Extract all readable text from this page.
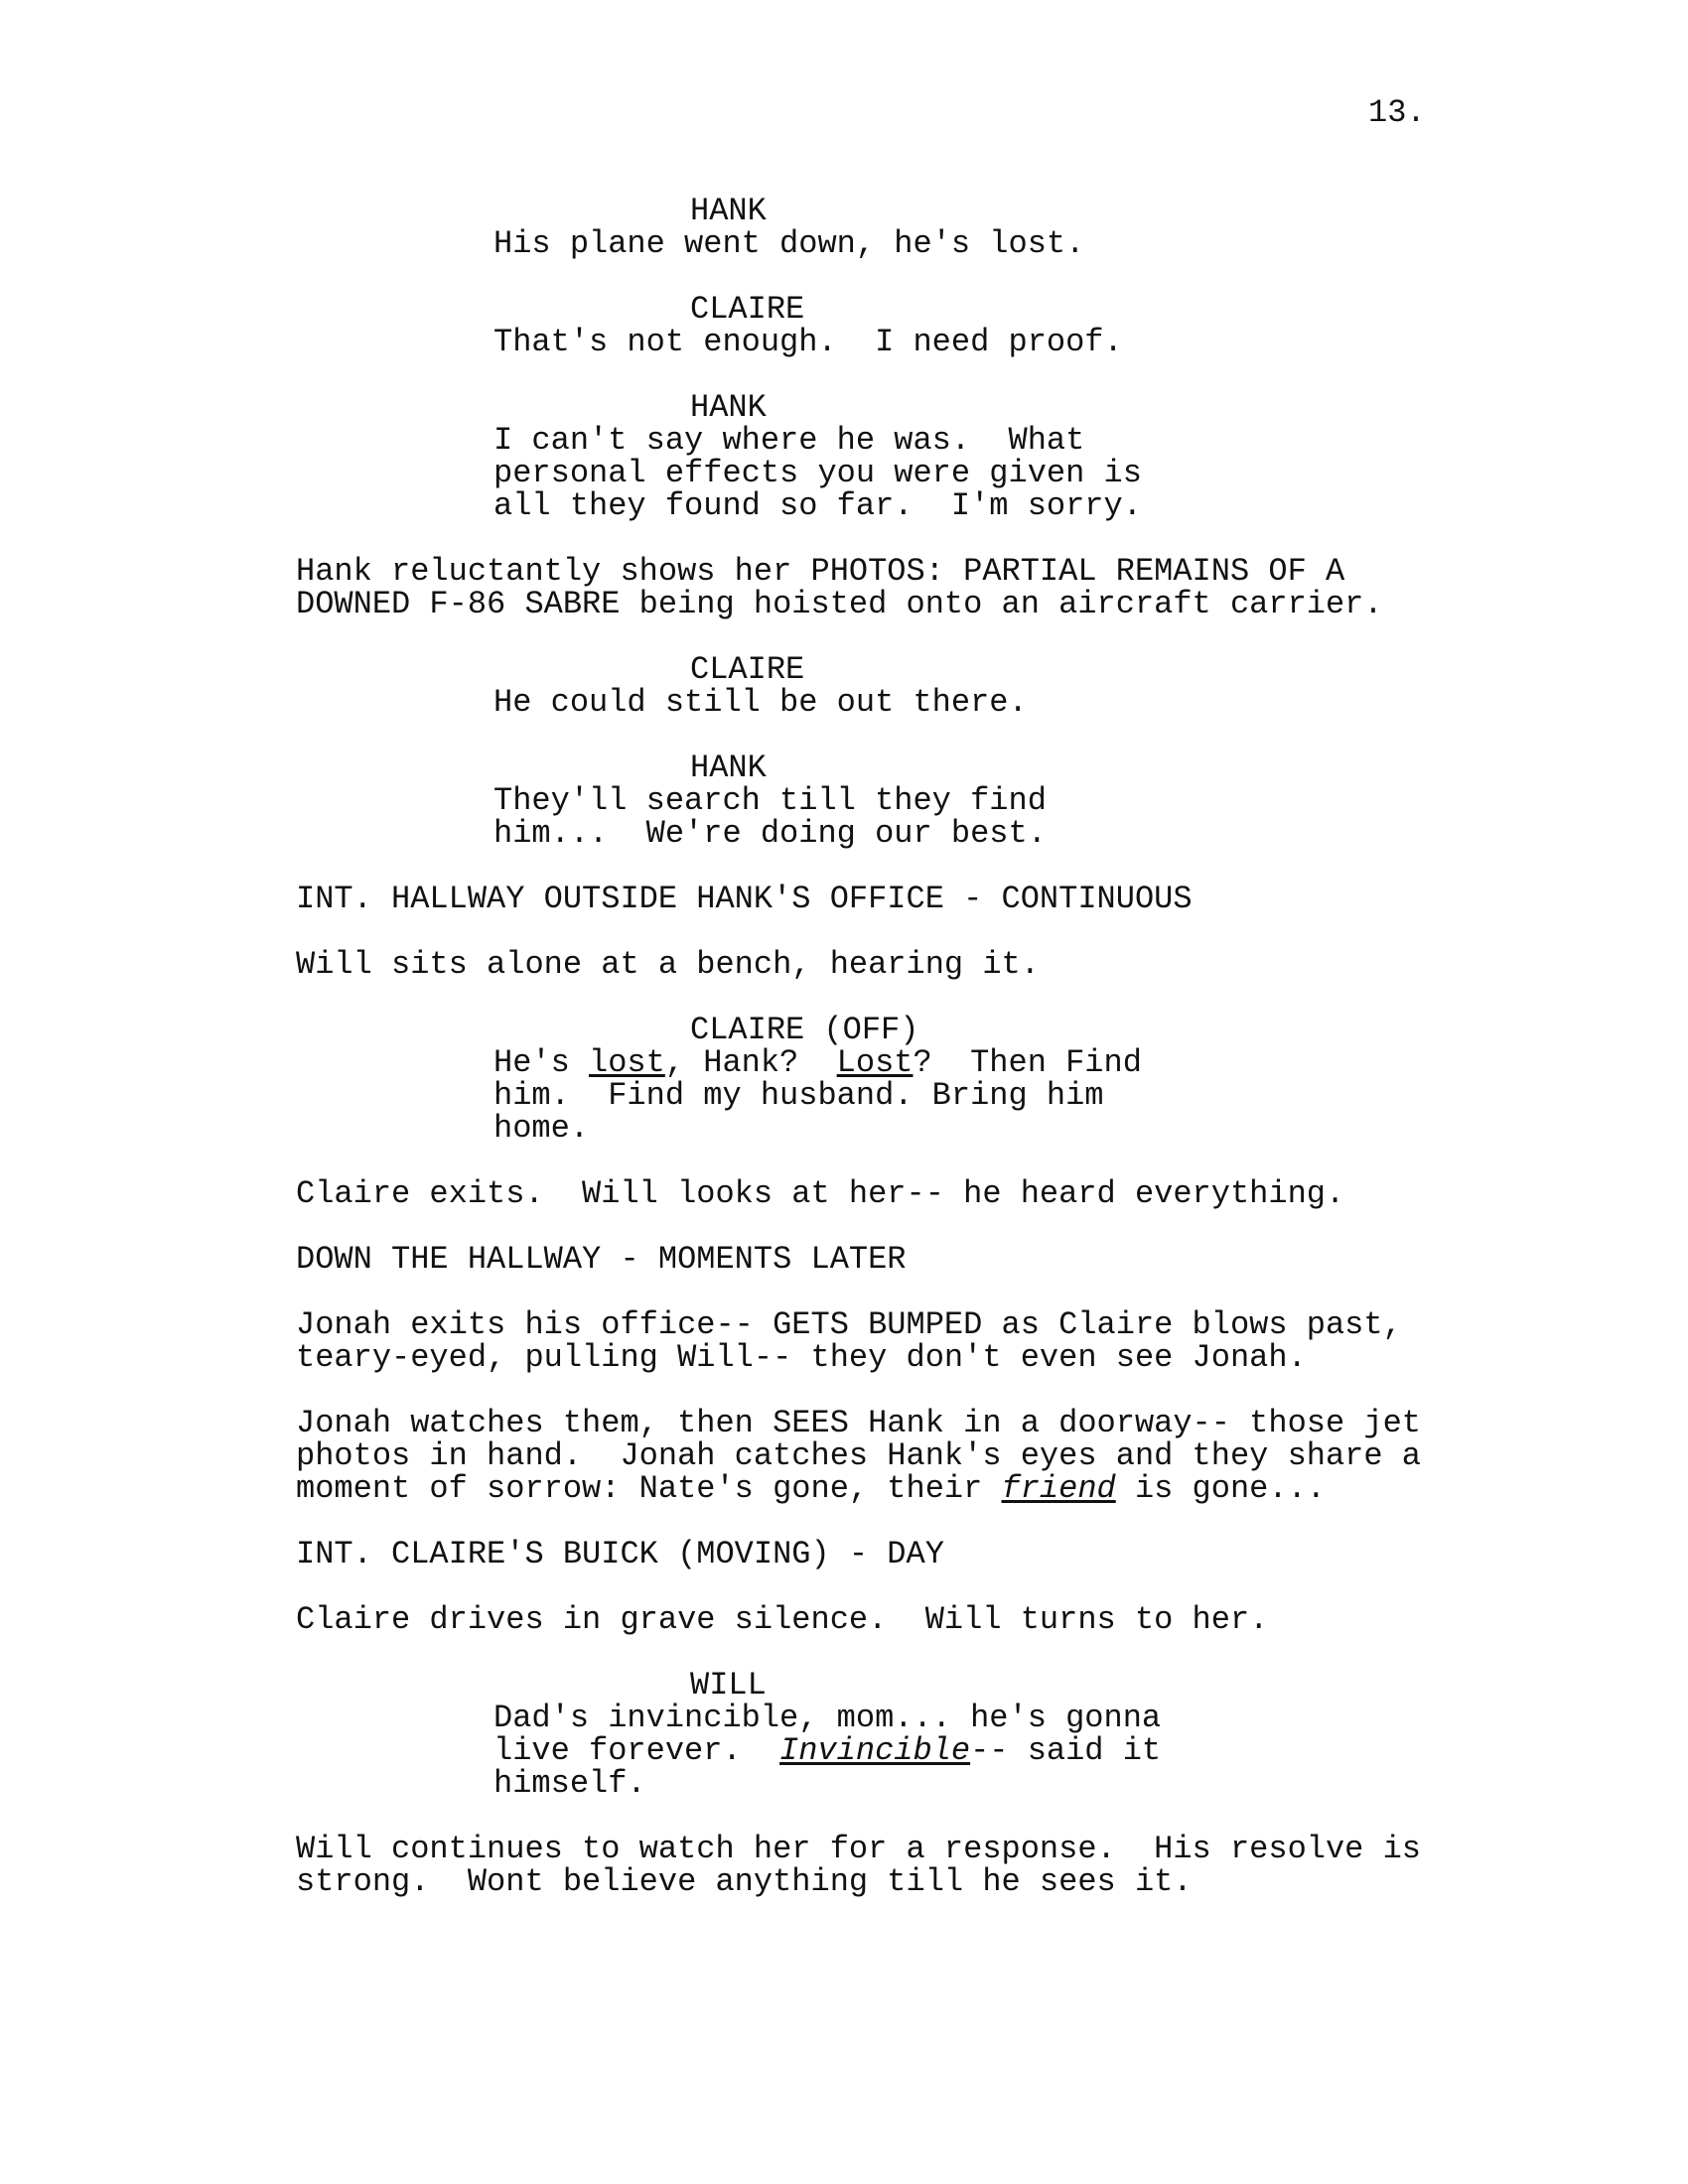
13.
HANK
His plane went down, he's lost.
CLAIRE
That's not enough.  I need proof.
HANK
I can't say where he was.  What
personal effects you were given is
all they found so far.  I'm sorry.
Hank reluctantly shows her PHOTOS: PARTIAL REMAINS OF A
DOWNED F-86 SABRE being hoisted onto an aircraft carrier.
CLAIRE
He could still be out there.
HANK
They'll search till they find
him...  We're doing our best.
INT. HALLWAY OUTSIDE HANK'S OFFICE - CONTINUOUS
Will sits alone at a bench, hearing it.
CLAIRE (OFF)
He's lost, Hank?  Lost?  Then Find
him.  Find my husband. Bring him
home.
Claire exits.  Will looks at her-- he heard everything.
DOWN THE HALLWAY - MOMENTS LATER
Jonah exits his office-- GETS BUMPED as Claire blows past,
teary-eyed, pulling Will-- they don't even see Jonah.
Jonah watches them, then SEES Hank in a doorway-- those jet
photos in hand.  Jonah catches Hank's eyes and they share a
moment of sorrow: Nate's gone, their friend is gone...
INT. CLAIRE'S BUICK (MOVING) - DAY
Claire drives in grave silence.  Will turns to her.
WILL
Dad's invincible, mom... he's gonna
live forever.  Invincible-- said it
himself.
Will continues to watch her for a response.  His resolve is
strong.  Wont believe anything till he sees it.
